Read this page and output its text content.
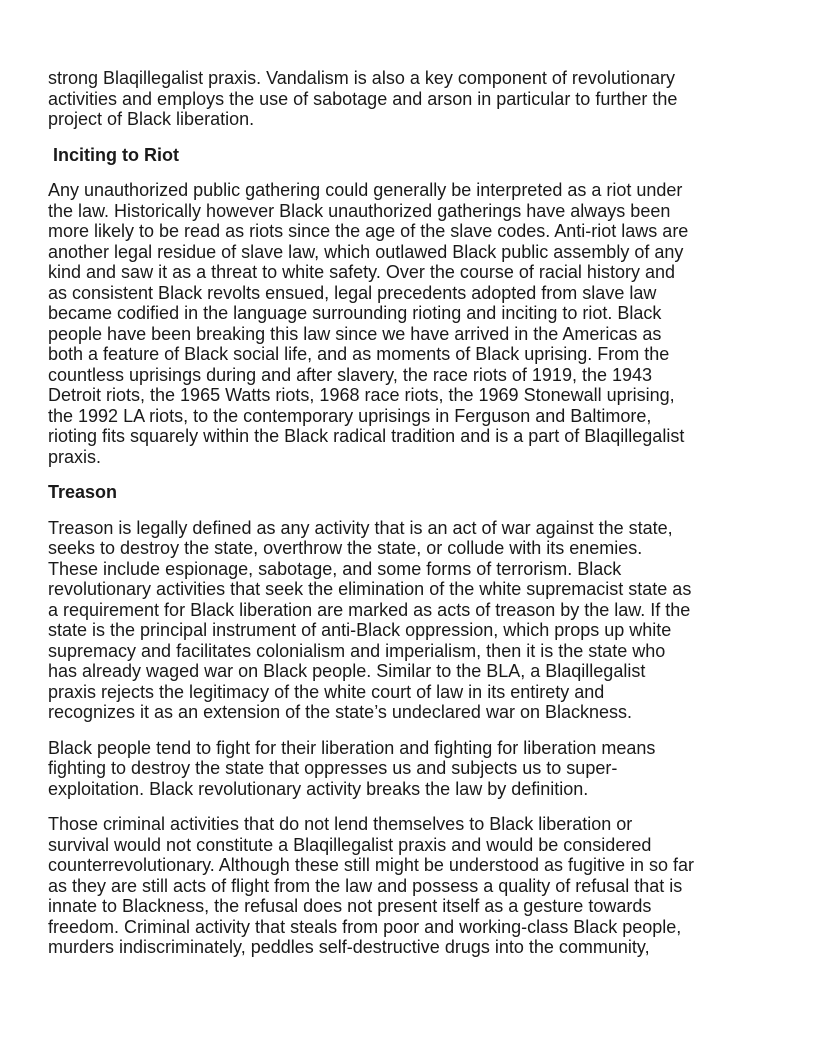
strong Blaqillegalist praxis. Vandalism is also a key component of revolutionary
activities and employs the use of sabotage and arson in particular to further the
project of Black liberation.

Inciting to Riot

Any unauthorized public gathering could generally be interpreted as a riot under
the law. Historically however Black unauthorized gatherings have always been
more likely to be read as riots since the age of the slave codes. Anti-riot laws are
another legal residue of slave law, which outlawed Black public assembly of any
kind and saw it as a threat to white safety. Over the course of racial history and
as consistent Black revolts ensued, legal precedents adopted from slave law
became codified in the language surrounding rioting and inciting to riot. Black
people have been breaking this law since we have arrived in the Americas as
both a feature of Black social life, and as moments of Black uprising. From the
countless uprisings during and after slavery, the race riots of 1919, the 1943
Detroit riots, the 1965 Watts riots, 1968 race riots, the 1969 Stonewall uprising,
the 1992 LA riots, to the contemporary uprisings in Ferguson and Baltimore,
rioting fits squarely within the Black radical tradition and is a part of Blaqillegalist
praxis.

Treason

Treason is legally defined as any activity that is an act of war against the state,
seeks to destroy the state, overthrow the state, or collude with its enemies.
These include espionage, sabotage, and some forms of terrorism. Black
revolutionary activities that seek the elimination of the white supremacist state as
a requirement for Black liberation are marked as acts of treason by the law. If the
state is the principal instrument of anti-Black oppression, which props up white
supremacy and facilitates colonialism and imperialism, then it is the state who
has already waged war on Black people. Similar to the BLA, a Blaqillegalist
praxis rejects the legitimacy of the white court of law in its entirety and
recognizes it as an extension of the state’s undeclared war on Blackness.

Black people tend to fight for their liberation and fighting for liberation means
fighting to destroy the state that oppresses us and subjects us to super-
exploitation. Black revolutionary activity breaks the law by definition.

Those criminal activities that do not lend themselves to Black liberation or
survival would not constitute a Blaqillegalist praxis and would be considered
counterrevolutionary. Although these still might be understood as fugitive in so far
as they are still acts of flight from the law and possess a quality of refusal that is
innate to Blackness, the refusal does not present itself as a gesture towards
freedom. Criminal activity that steals from poor and working-class Black people,
murders indiscriminately, peddles self-destructive drugs into the community,
